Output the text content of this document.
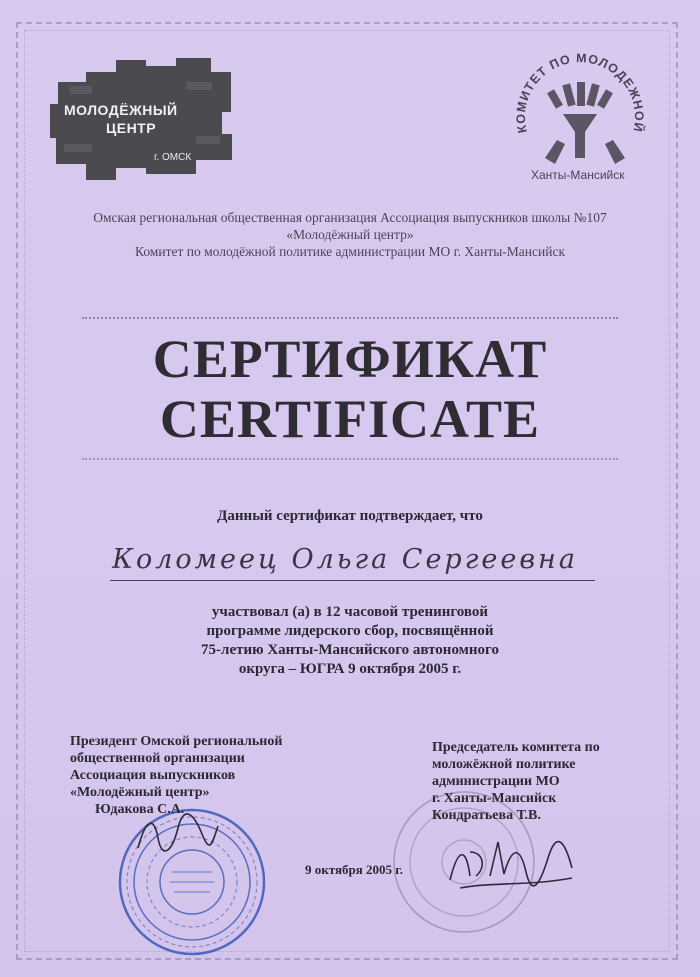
МОЛОДЁЖНЫЙ
ЦЕНТР
г. ОМСК
КОМИТЕТ ПО МОЛОДЕЖНОЙ
Ханты-Мансийск
Омская региональная общественная организация Ассоциация выпускников школы №107
«Молодёжный центр»
Комитет по молодёжной политике администрации МО г. Ханты-Мансийск
СЕРТИФИКАТ
CERTIFICATE
Данный сертификат подтверждает, что
Коломеец Ольга Сергеевна
участвовал (а) в 12 часовой тренинговой
программе лидерского сбор, посвящённой
75-летию Ханты-Мансийского автономного
округа – ЮГРА 9 октября 2005 г.
Президент Омской региональной
общественной организации
Ассоциация выпускников
«Молодёжный центр»
Юдакова С.А.
Председатель комитета по
моложёжной политике
администрации МО
г. Ханты-Мансийск
Кондратьева Т.В.
9 октября 2005 г.
